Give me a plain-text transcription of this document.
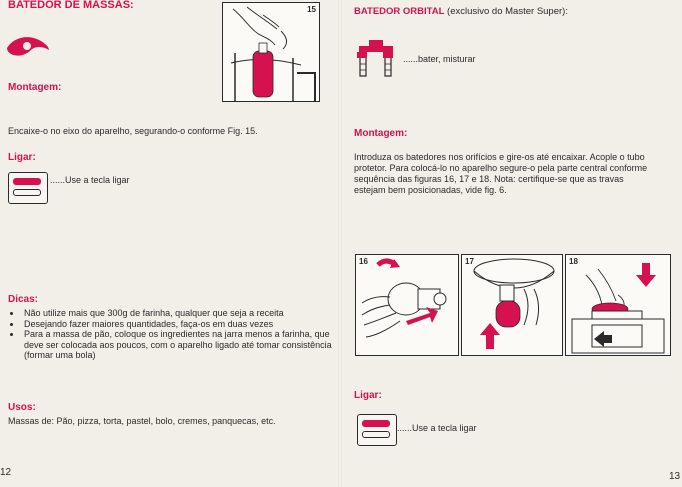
BATEDOR DE MASSAS:
Montagem:
15
Encaixe-o no eixo do aparelho, segurando-o conforme Fig. 15.
Ligar:
......Use a tecla ligar
Dicas:
• Não utilize mais que 300g de farinha, qualquer que seja a receita
• Desejando fazer maiores quantidades, faça-os em duas vezes
• Para a massa de pão, coloque os ingredientes na jarra menos a farinha, que deve ser colocada aos poucos, com o aparelho ligado até tomar consistência (formar uma bola)
Usos:
Massas de: Pão, pizza, torta, pastel, bolo, cremes, panquecas, etc.
12
BATEDOR ORBITAL (exclusivo do Master Super):
......bater, misturar
Montagem:
Introduza os batedores nos orifícios e gire-os até encaixar. Acople o tubo protetor. Para colocá-lo no aparelho segure-o pela parte central conforme sequência das figuras 16, 17 e 18. Nota: certifique-se que as travas estejam bem posicionadas, vide fig. 6.
16	17	18
Ligar:
......Use a tecla ligar
13
